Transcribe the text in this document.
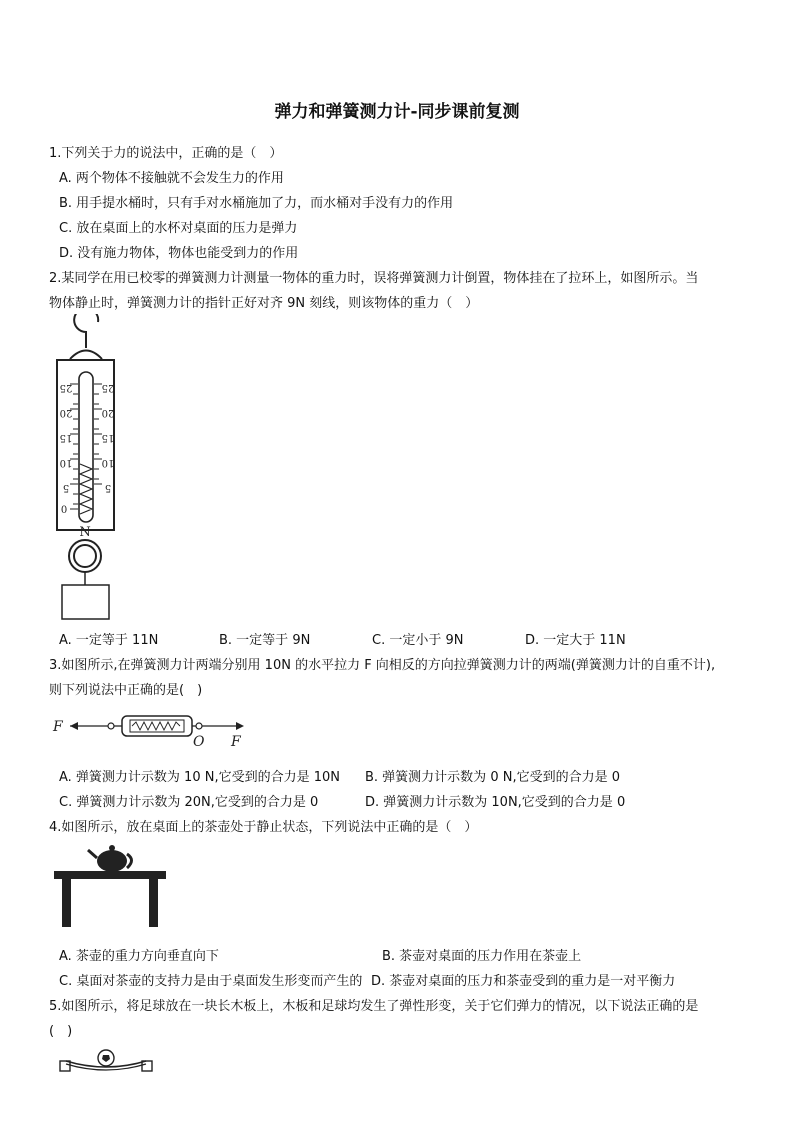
弹力和弹簧测力计-同步课前复测
1.下列关于力的说法中，正确的是（　）
A. 两个物体不接触就不会发生力的作用
B. 用手提水桶时，只有手对水桶施加了力，而水桶对手没有力的作用
C. 放在桌面上的水杯对桌面的压力是弹力
D. 没有施力物体，物体也能受到力的作用
2.某同学在用已校零的弹簧测力计测量一物体的重力时，误将弹簧测力计倒置，物体挂在了拉环上，如图所示。当
物体静止时，弹簧测力计的指针正好对齐 9N 刻线，则该物体的重力（　）
25
20
15
10
5
0
25
20
15
10
5
N
A. 一定等于 11N	B. 一定等于 9N	C. 一定小于 9N	D. 一定大于 11N
3.如图所示,在弹簧测力计两端分别用 10N 的水平拉力 F 向相反的方向拉弹簧测力计的两端(弹簧测力计的自重不计),
则下列说法中正确的是(　)
F
O F
A. 弹簧测力计示数为 10 N,它受到的合力是 10N B. 弹簧测力计示数为 0 N,它受到的合力是 0
C. 弹簧测力计示数为 20N,它受到的合力是 0	D. 弹簧测力计示数为 10N,它受到的合力是 0
4.如图所示，放在桌面上的茶壶处于静止状态，下列说法中正确的是（　）
A. 茶壶的重力方向垂直向下	B. 茶壶对桌面的压力作用在茶壶上
C. 桌面对茶壶的支持力是由于桌面发生形变而产生的 D. 茶壶对桌面的压力和茶壶受到的重力是一对平衡力
5.如图所示，将足球放在一块长木板上，木板和足球均发生了弹性形变，关于它们弹力的情况，以下说法正确的是
(　)
